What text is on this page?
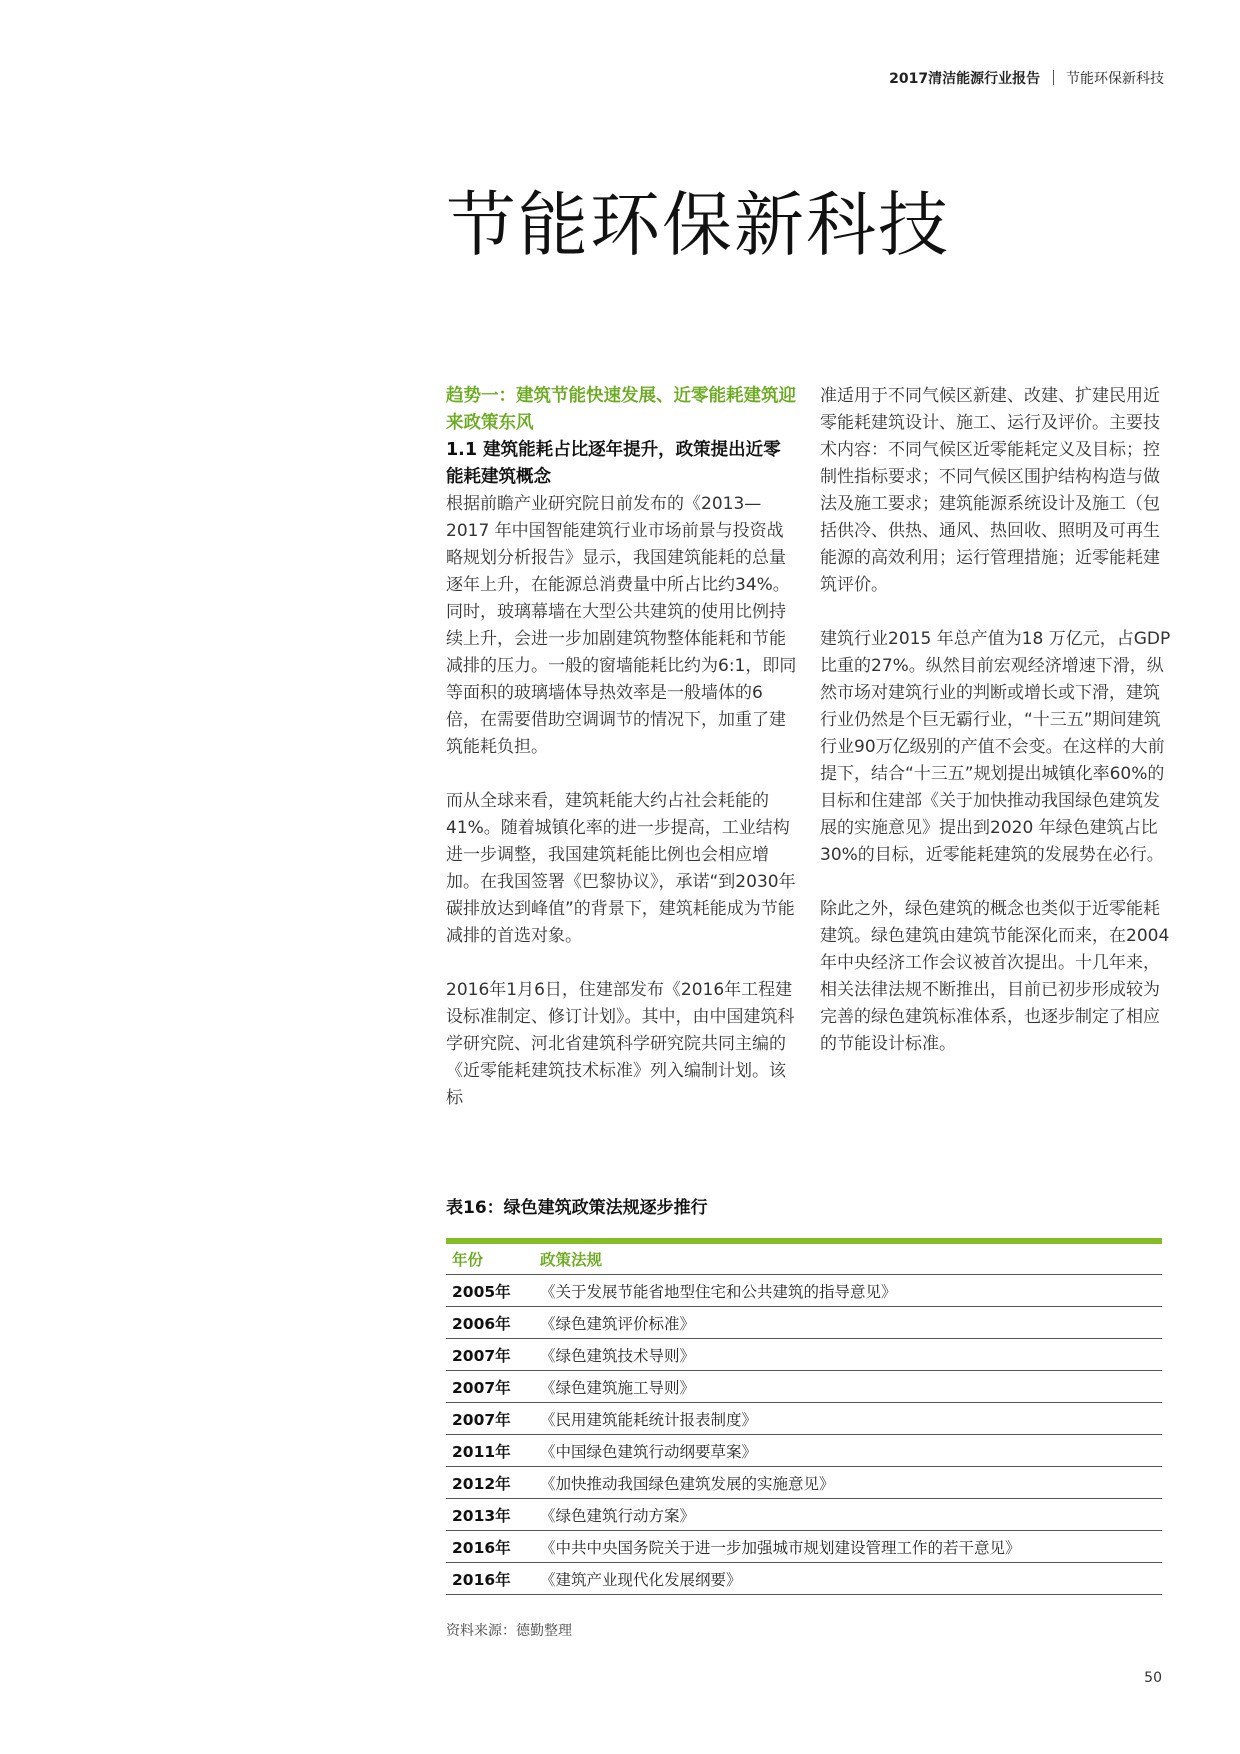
2017清洁能源行业报告 节能环保新科技
节能环保新科技
趋势一：建筑节能快速发展、近零能耗建筑迎来政策东风
1.1 建筑能耗占比逐年提升，政策提出近零能耗建筑概念

根据前瞻产业研究院日前发布的《2013—2017 年中国智能建筑行业市场前景与投资战略规划分析报告》显示，我国建筑能耗的总量逐年上升，在能源总消费量中所占比约34%。同时，玻璃幕墙在大型公共建筑的使用比例持续上升，会进一步加剧建筑物整体能耗和节能减排的压力。一般的窗墙能耗比约为6:1，即同等面积的玻璃墙体导热效率是一般墙体的6 倍，在需要借助空调调节的情况下，加重了建筑能耗负担。

而从全球来看，建筑耗能大约占社会耗能的41%。随着城镇化率的进一步提高，工业结构进一步调整，我国建筑耗能比例也会相应增加。在我国签署《巴黎协议》，承诺“到2030年碳排放达到峰值”的背景下，建筑耗能成为节能减排的首选对象。

2016年1月6日，住建部发布《2016年工程建设标准制定、修订计划》。其中，由中国建筑科学研究院、河北省建筑科学研究院共同主编的《近零能耗建筑技术标准》列入编制计划。该标

准适用于不同气候区新建、改建、扩建民用近零能耗建筑设计、施工、运行及评价。主要技术内容：不同气候区近零能耗定义及目标；控制性指标要求；不同气候区围护结构构造与做法及施工要求；建筑能源系统设计及施工（包括供冷、供热、通风、热回收、照明及可再生能源的高效利用；运行管理措施；近零能耗建筑评价。

建筑行业2015 年总产值为18 万亿元，占GDP 比重的27%。纵然目前宏观经济增速下滑，纵然市场对建筑行业的判断或增长或下滑，建筑行业仍然是个巨无霸行业，“十三五”期间建筑行业90万亿级别的产值不会变。在这样的大前提下，结合“十三五”规划提出城镇化率60%的目标和住建部《关于加快推动我国绿色建筑发展的实施意见》提出到2020 年绿色建筑占比30%的目标，近零能耗建筑的发展势在必行。

除此之外，绿色建筑的概念也类似于近零能耗建筑。绿色建筑由建筑节能深化而来，在2004年中央经济工作会议被首次提出。十几年来，相关法律法规不断推出，目前已初步形成较为完善的绿色建筑标准体系，也逐步制定了相应的节能设计标准。

表16：绿色建筑政策法规逐步推行
年份	政策法规
2005年	《关于发展节能省地型住宅和公共建筑的指导意见》
2006年	《绿色建筑评价标准》
2007年	《绿色建筑技术导则》
2007年	《绿色建筑施工导则》
2007年	《民用建筑能耗统计报表制度》
2011年	《中国绿色建筑行动纲要草案》
2012年	《加快推动我国绿色建筑发展的实施意见》
2013年	《绿色建筑行动方案》
2016年	《中共中央国务院关于进一步加强城市规划建设管理工作的若干意见》
2016年	《建筑产业现代化发展纲要》
资料来源：德勤整理
50
